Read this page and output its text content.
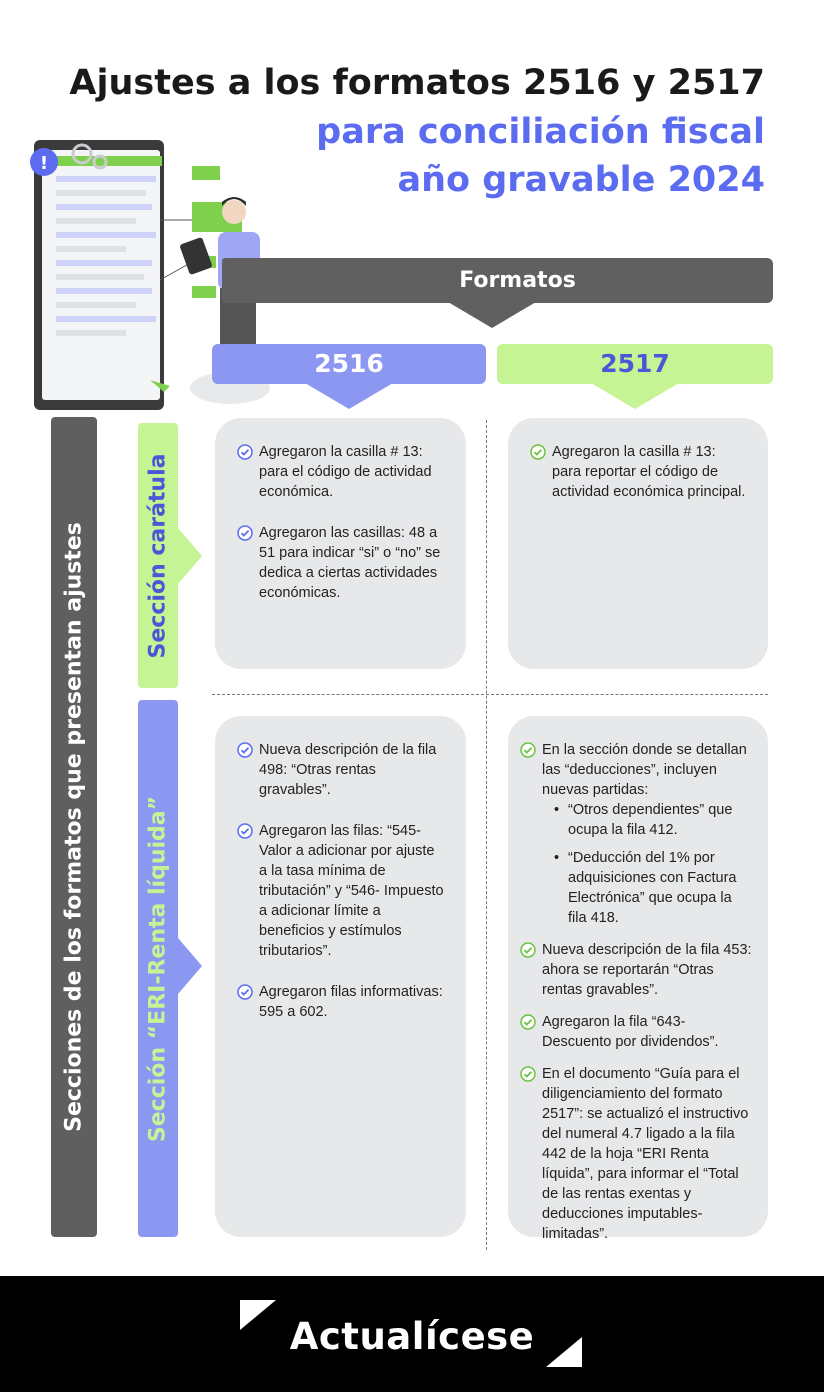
!
Ajustes a los formatos 2516 y 2517
para conciliación fiscal
año gravable 2024
Formatos
2516	2517
Secciones de los formatos que presentan ajustes	Sección carátula
Sección “ERI-Renta líquida”
Agregaron la casilla # 13: para el código de actividad económica.
Agregaron las casillas: 48 a 51 para indicar “si” o “no” se dedica a ciertas actividades económicas.
Agregaron la casilla # 13: para reportar el código de actividad económica principal.
Nueva descripción de la fila 498: “Otras rentas gravables”.
Agregaron las filas: “545- Valor a adicionar por ajuste a la tasa mínima de tributación” y “546- Impuesto a adicionar límite a beneficios y estímulos tributarios”.
Agregaron filas informativas: 595 a 602.
En la sección donde se detallan las “deducciones”, incluyen nuevas partidas:
• “Otros dependientes” que ocupa la fila 412.
• “Deducción del 1% por adquisiciones con Factura Electrónica” que ocupa la fila 418.
Nueva descripción de la fila 453: ahora se reportarán “Otras rentas gravables”.
Agregaron la fila “643-Descuento por dividendos”.
En el documento “Guía para el diligenciamiento del formato 2517”: se actualizó el instructivo del numeral 4.7 ligado a la fila 442 de la hoja “ERI Renta líquida”, para informar el “Total de las rentas exentas y deducciones imputables-limitadas”.
Actualícese
